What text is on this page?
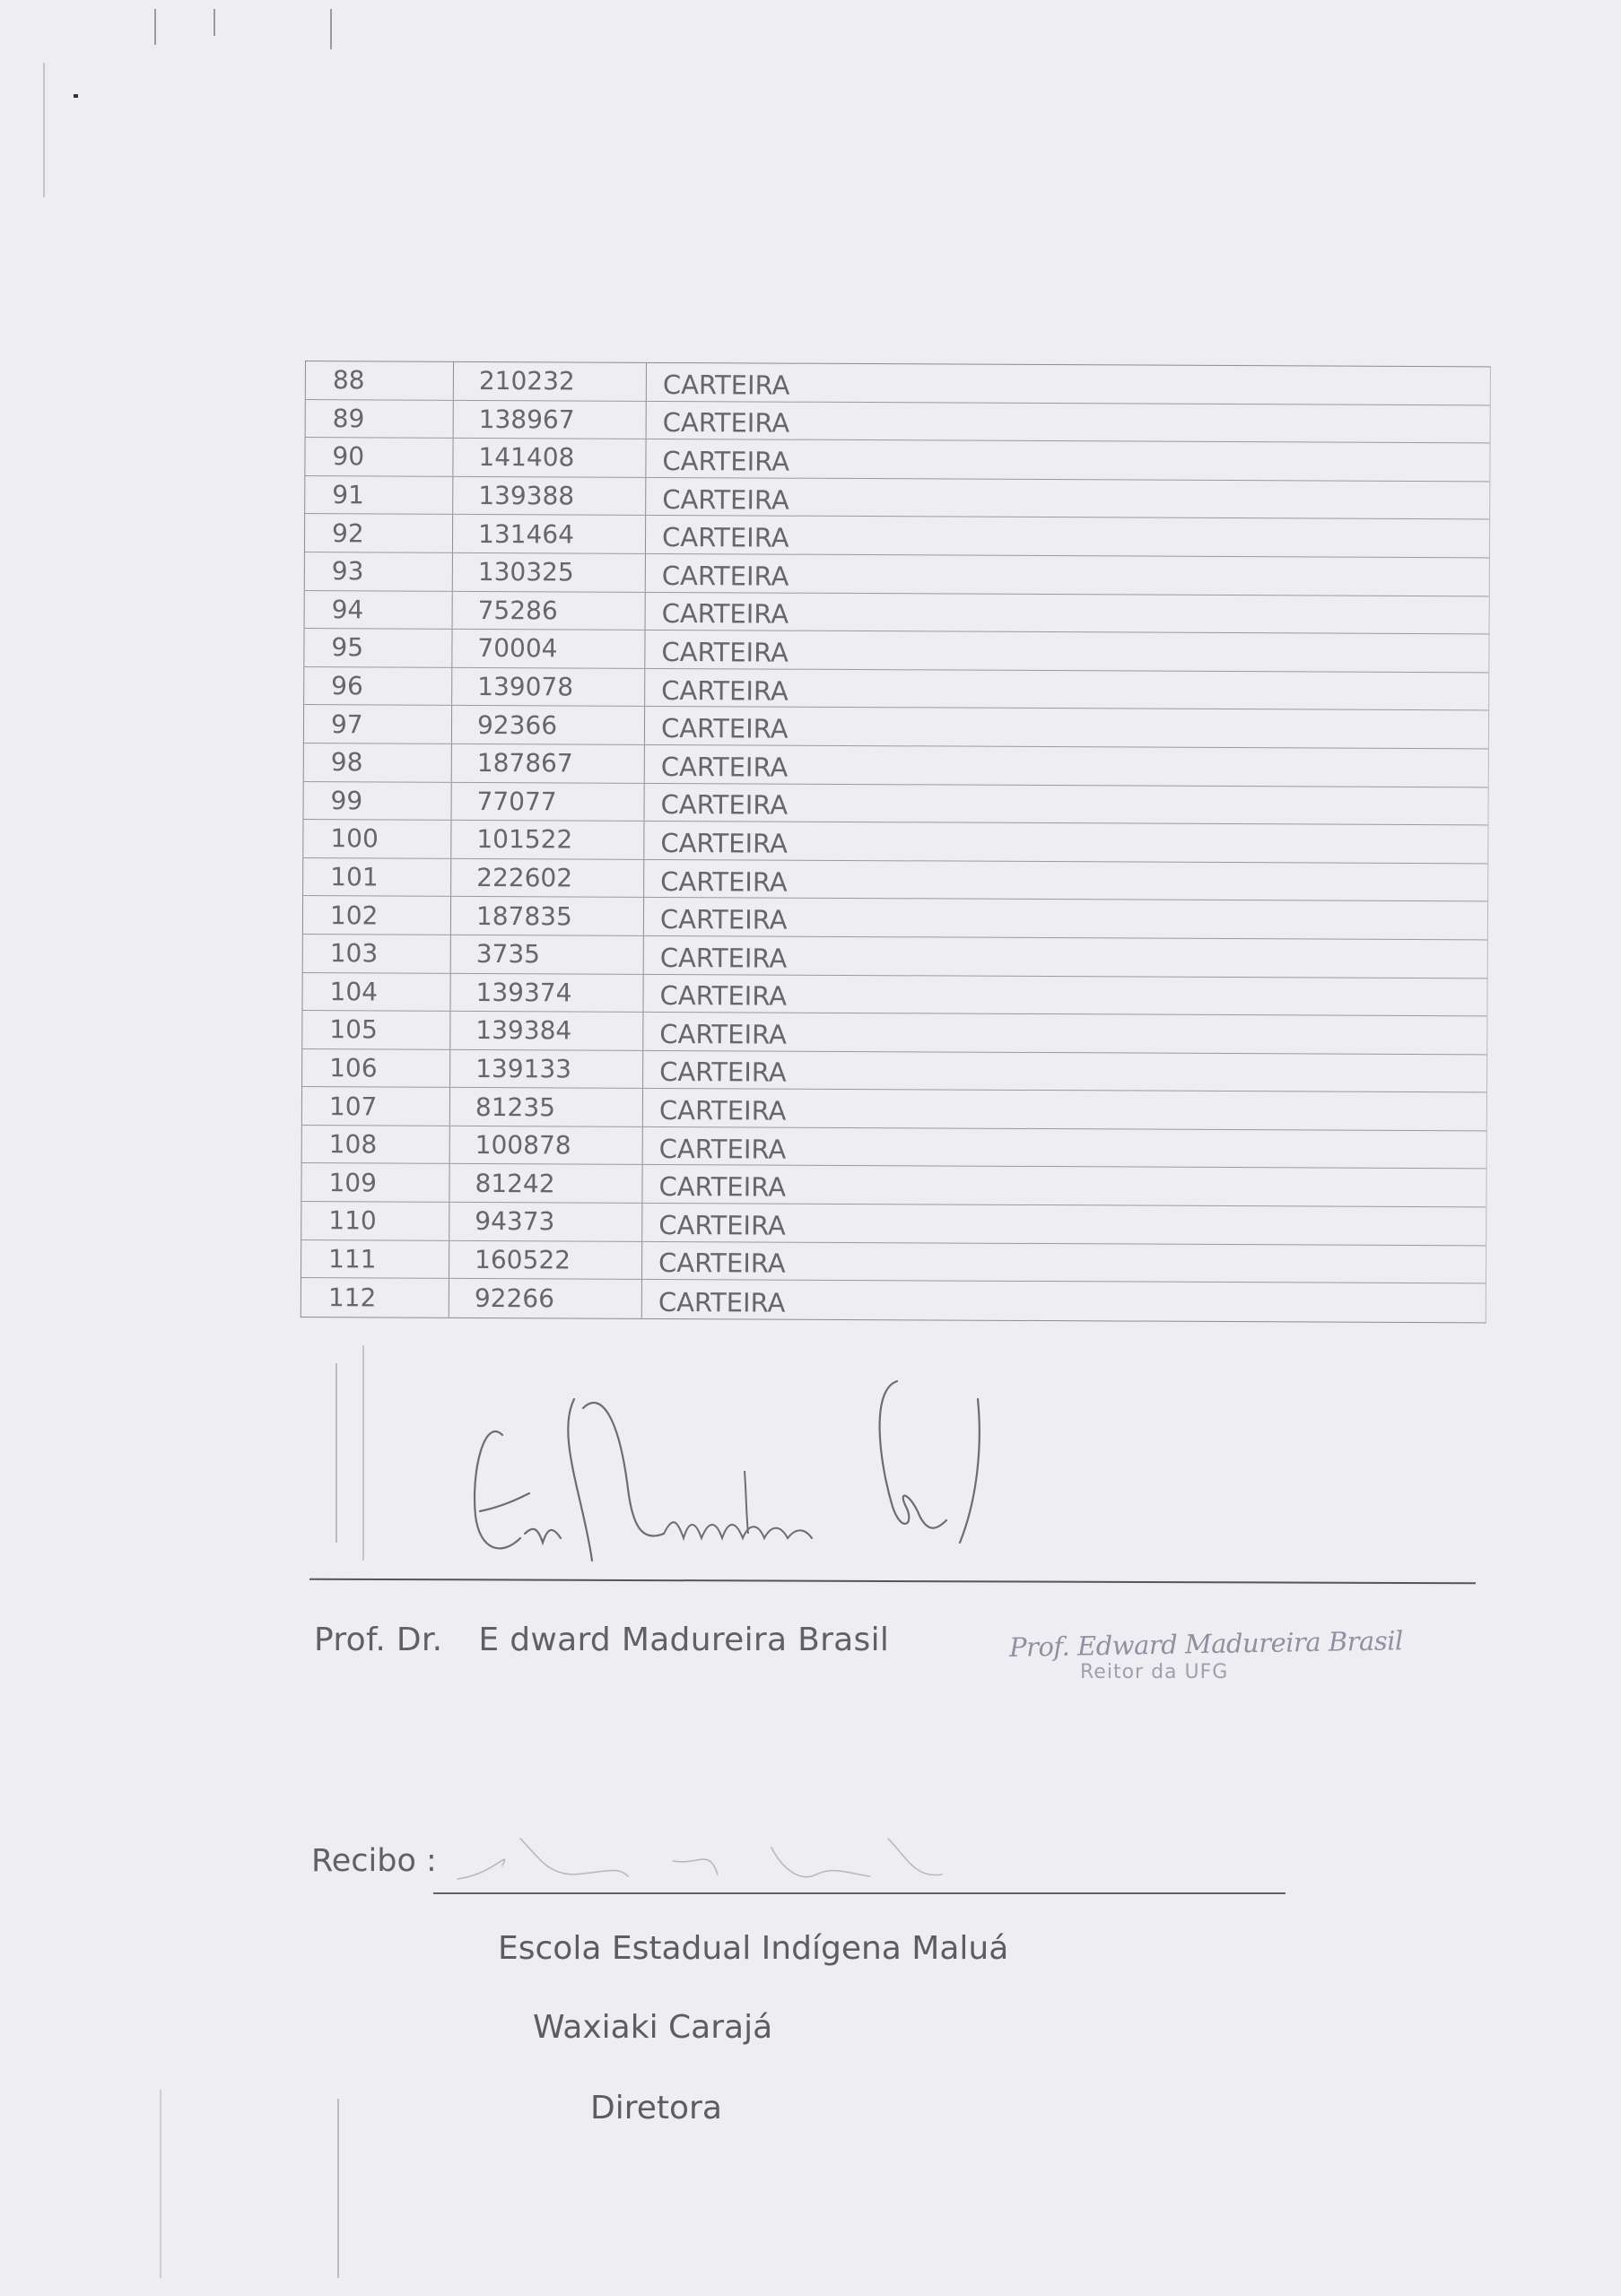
88	210232	CARTEIRA
89	138967	CARTEIRA
90	141408	CARTEIRA
91	139388	CARTEIRA
92	131464	CARTEIRA
93	130325	CARTEIRA
94	75286	CARTEIRA
95	70004	CARTEIRA
96	139078	CARTEIRA
97	92366	CARTEIRA
98	187867	CARTEIRA
99	77077	CARTEIRA
100	101522	CARTEIRA
101	222602	CARTEIRA
102	187835	CARTEIRA
103	3735	CARTEIRA
104	139374	CARTEIRA
105	139384	CARTEIRA
106	139133	CARTEIRA
107	81235	CARTEIRA
108	100878	CARTEIRA
109	81242	CARTEIRA
110	94373	CARTEIRA
111	160522	CARTEIRA
112	92266	CARTEIRA
Prof. Dr. E dward Madureira Brasil	Prof. Edward Madureira Brasil
Reitor da UFG
Recibo :
Escola Estadual Indígena Maluá
Waxiaki Carajá
Diretora
